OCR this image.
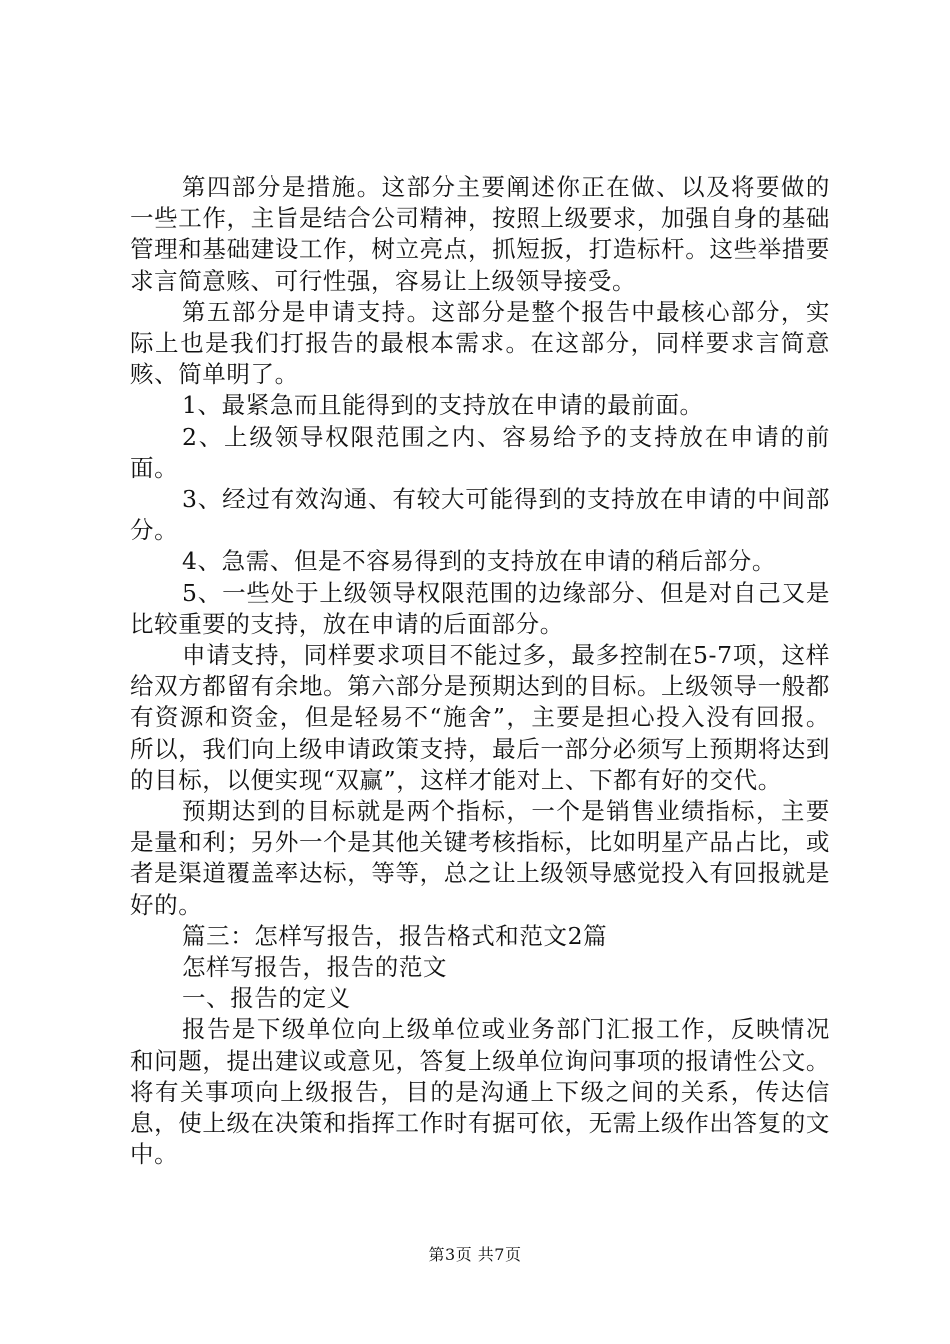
第四部分是措施。这部分主要阐述你正在做、以及将要做的一些工作，主旨是结合公司精神，按照上级要求，加强自身的基础管理和基础建设工作，树立亮点，抓短扳，打造标杆。这些举措要求言简意赅、可行性强，容易让上级领导接受。

第五部分是申请支持。这部分是整个报告中最核心部分，实际上也是我们打报告的最根本需求。在这部分，同样要求言简意赅、简单明了。

1、最紧急而且能得到的支持放在申请的最前面。

2、上级领导权限范围之内、容易给予的支持放在申请的前面。

3、经过有效沟通、有较大可能得到的支持放在申请的中间部分。

4、急需、但是不容易得到的支持放在申请的稍后部分。

5、一些处于上级领导权限范围的边缘部分、但是对自己又是比较重要的支持，放在申请的后面部分。

申请支持，同样要求项目不能过多，最多控制在5-7项，这样给双方都留有余地。第六部分是预期达到的目标。上级领导一般都有资源和资金，但是轻易不“施舍”，主要是担心投入没有回报。所以，我们向上级申请政策支持，最后一部分必须写上预期将达到的目标，以便实现“双赢”，这样才能对上、下都有好的交代。

预期达到的目标就是两个指标，一个是销售业绩指标，主要是量和利；另外一个是其他关键考核指标，比如明星产品占比，或者是渠道覆盖率达标，等等，总之让上级领导感觉投入有回报就是好的。

篇三：怎样写报告，报告格式和范文2篇

怎样写报告，报告的范文

一、报告的定义

报告是下级单位向上级单位或业务部门汇报工作，反映情况和问题，提出建议或意见，答复上级单位询问事项的报请性公文。将有关事项向上级报告，目的是沟通上下级之间的关系，传达信息，使上级在决策和指挥工作时有据可依，无需上级作出答复的文中。

第3页 共7页
